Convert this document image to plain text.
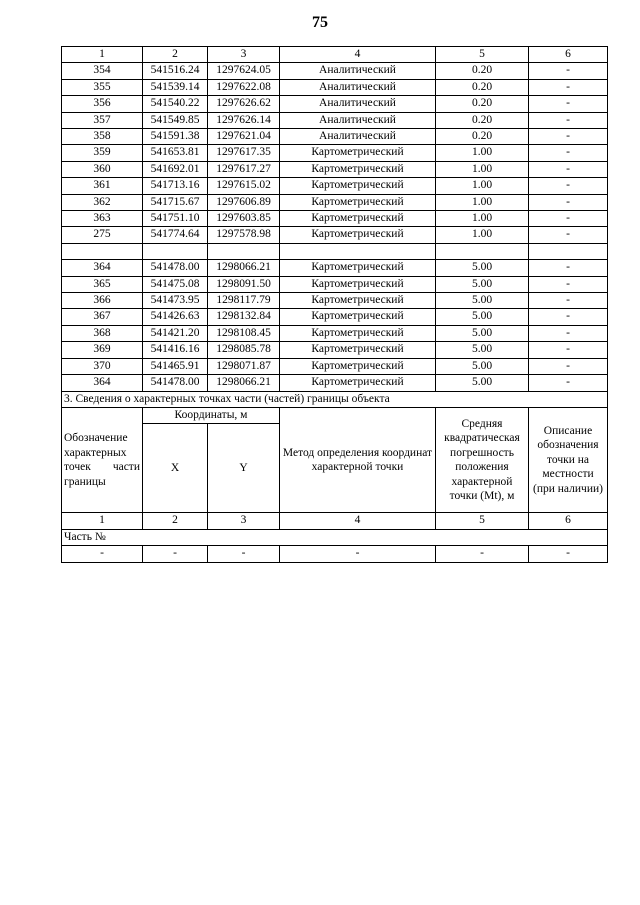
75
1	2	3	4	5	6
354	541516.24	1297624.05	Аналитический	0.20	-
355	541539.14	1297622.08	Аналитический	0.20	-
356	541540.22	1297626.62	Аналитический	0.20	-
357	541549.85	1297626.14	Аналитический	0.20	-
358	541591.38	1297621.04	Аналитический	0.20	-
359	541653.81	1297617.35	Картометрический	1.00	-
360	541692.01	1297617.27	Картометрический	1.00	-
361	541713.16	1297615.02	Картометрический	1.00	-
362	541715.67	1297606.89	Картометрический	1.00	-
363	541751.10	1297603.85	Картометрический	1.00	-
275	541774.64	1297578.98	Картометрический	1.00	-

364	541478.00	1298066.21	Картометрический	5.00	-
365	541475.08	1298091.50	Картометрический	5.00	-
366	541473.95	1298117.79	Картометрический	5.00	-
367	541426.63	1298132.84	Картометрический	5.00	-
368	541421.20	1298108.45	Картометрический	5.00	-
369	541416.16	1298085.78	Картометрический	5.00	-
370	541465.91	1298071.87	Картометрический	5.00	-
364	541478.00	1298066.21	Картометрический	5.00	-
3. Сведения о характерных точках части (частей) границы объекта					
Обозначение характерных точек части границы	Координаты, м		Метод определения координат характерной точки	Средняя квадратическая погрешность положения характерной точки (Mt), м	Описание обозначения точки на местности (при наличии)
	X	Y			
1	2	3	4	5	6
Часть №					
-	-	-	-	-	-
